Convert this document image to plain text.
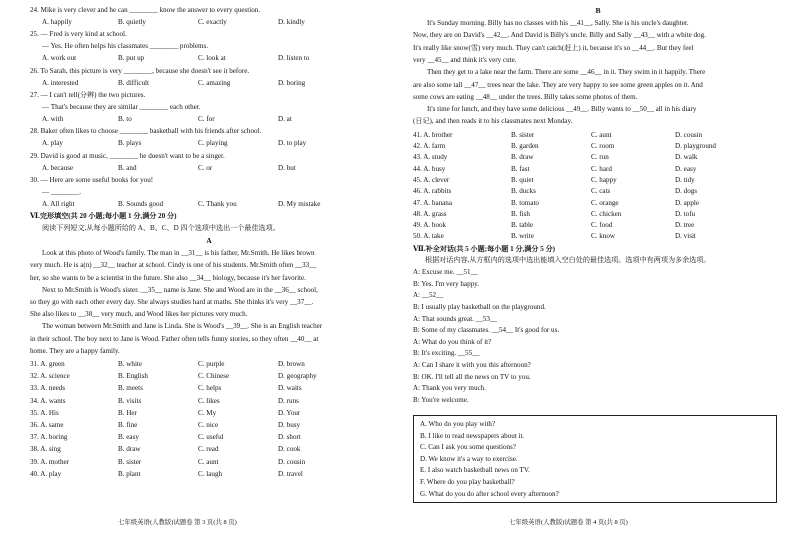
24. Mike is very clever and he can ________ know the answer to every question.
A. happily	B. quietly	C. exactly	D. kindly
25. — Fred is very kind at school.
— Yes. He often helps his classmates ________ problems.
A. work out	B. put up	C. look at	D. listen to
26. To Sarah, this picture is very ________, because she doesn't see it before.
A. interested	B. difficult	C. amazing	D. boring
27. — I can't tell(分辨) the two pictures.
— That's because they are similar ________ each other.
A. with	B. to	C. for	D. at
28. Baker often likes to choose ________ basketball with his friends after school.
A. play	B. plays	C. playing	D. to play
29. David is good at music, ________ he doesn't want to be a singer.
A. because	B. and	C. or	D. but
30. — Here are some useful books for you!
— ________.
A. All right	B. Sounds good	C. Thank you	D. My mistake
Ⅵ.完形填空(共 20 小题;每小题 1 分,满分 20 分)
阅读下列短文,从每小题所给的 A、B、C、D 四个选项中选出一个最佳选项。
A
Look at this photo of Wood's family. The man in __31__ is his father, Mr.Smith. He likes brown
very much. He is a(n) __32__ teacher at school. Cindy is one of his students. Mr.Smith often __33__
her, so she wants to be a scientist in the future. She also __34__ biology, because it's her favorite.
Next to Mr.Smith is Wood's sister. __35__ name is Jane. She and Wood are in the __36__ school,
so they go with each other every day. She always studies hard at maths. She thinks it's very __37__.
She also likes to __38__ very much, and Wood likes her pictures very much.
The woman between Mr.Smith and Jane is Linda. She is Wood's __39__. She is an English teacher
in their school. The boy next to Jane is Wood. Father often tells funny stories, so they often __40__ at
home. They are a happy family.
31. A. green	B. white	C. purple	D. brown
32. A. science	B. English	C. Chinese	D. geography
33. A. needs	B. meets	C. helps	D. waits
34. A. wants	B. visits	C. likes	D. runs
35. A. His	B. Her	C. My	D. Your
36. A. same	B. fine	C. nice	D. busy
37. A. boring	B. easy	C. useful	D. short
38. A. sing	B. draw	C. read	D. cook
39. A. mother	B. sister	C. aunt	D. cousin
40. A. play	B. plant	C. laugh	D. travel
七年级英语(人教版)试题卷 第 3 页(共 8 页)
B
It's Sunday morning. Billy has no classes with his __41__, Sally. She is his uncle's daughter.
Now, they are on David's __42__. And David is Billy's uncle. Billy and Sally __43__ with a white dog.
It's really like snow(雪) very much. They can't catch(赶上) it, because it's so __44__. But they feel
very __45__ and think it's very cute.
Then they get to a lake near the farm. There are some __46__ in it. They swim in it happily. There
are also some tall __47__ trees near the lake. They are very happy to see some green apples on it. And
some cows are eating __48__ under the trees. Billy takes some photos of them.
It's time for lunch, and they have some delicious __49__. Billy wants to __50__ all in his diary
(日记), and then reads it to his classmates next Monday.
41. A. brother	B. sister	C. aunt	D. cousin
42. A. farm	B. garden	C. room	D. playground
43. A. study	B. draw	C. run	D. walk
44. A. busy	B. fast	C. hard	D. easy
45. A. clever	B. quiet	C. happy	D. tidy
46. A. rabbits	B. ducks	C. cats	D. dogs
47. A. banana	B. tomato	C. orange	D. apple
48. A. grass	B. fish	C. chicken	D. tofu
49. A. book	B. table	C. food	D. tree
50. A. take	B. write	C. know	D. visit
Ⅶ.补全对话(共 5 小题;每小题 1 分,满分 5 分)
根据对话内容,从方框内的选项中选出能填入空白处的最佳选项。选项中有两项为多余选项。
A: Excuse me. __51__
B: Yes. I'm very happy.
A: __52__
B: I usually play basketball on the playground.
A: That sounds great. __53__
B: Some of my classmates. __54__ It's good for us.
A: What do you think of it?
B: It's exciting. __55__
A: Can I share it with you this afternoon?
B: OK. I'll tell all the news on TV to you.
A: Thank you very much.
B: You're welcome.
A. Who do you play with?
B. I like to read newspapers about it.
C. Can I ask you some questions?
D. We know it's a way to exercise.
E. I also watch basketball news on TV.
F. Where do you play basketball?
G. What do you do after school every afternoon?
七年级英语(人教版)试题卷 第 4 页(共 8 页)
